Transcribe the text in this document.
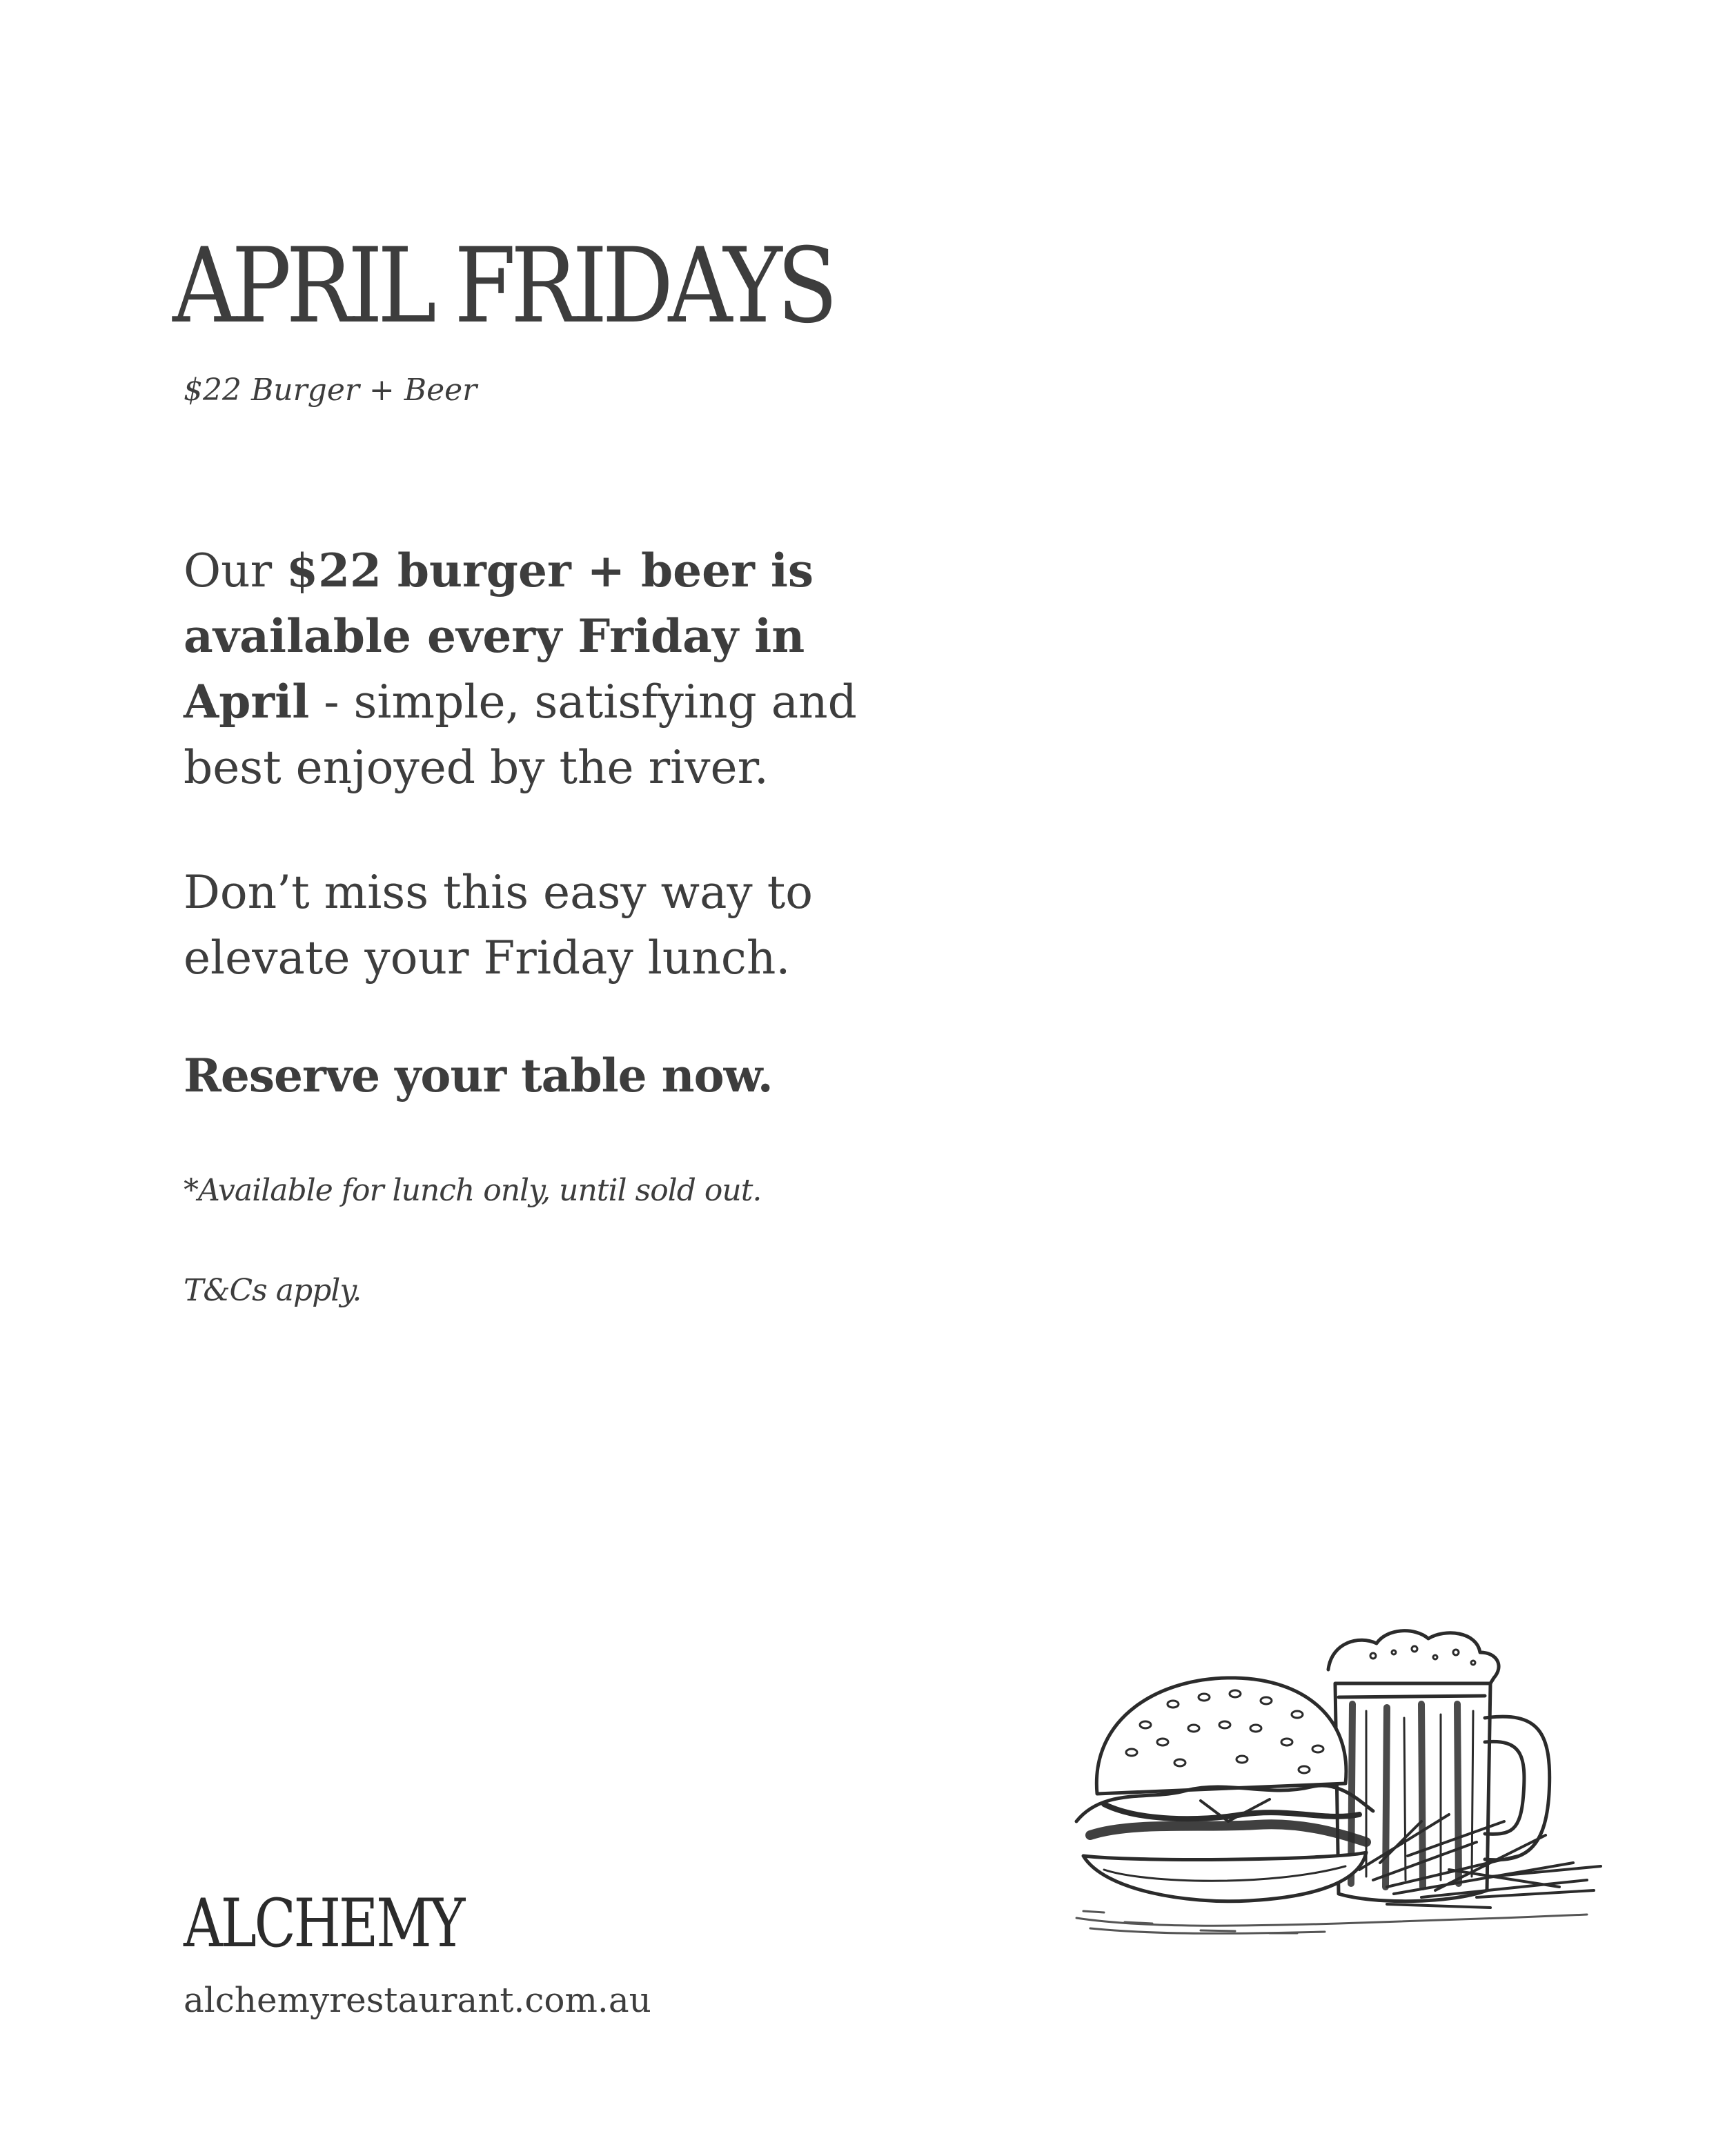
APRIL FRIDAYS
$22 Burger + Beer

Our $22 burger + beer is available every Friday in April - simple, satisfying and best enjoyed by the river.

Don’t miss this easy way to elevate your Friday lunch.

Reserve your table now.
*Available for lunch only, until sold out.
T&Cs apply.
ALCHEMY
alchemyrestaurant.com.au
